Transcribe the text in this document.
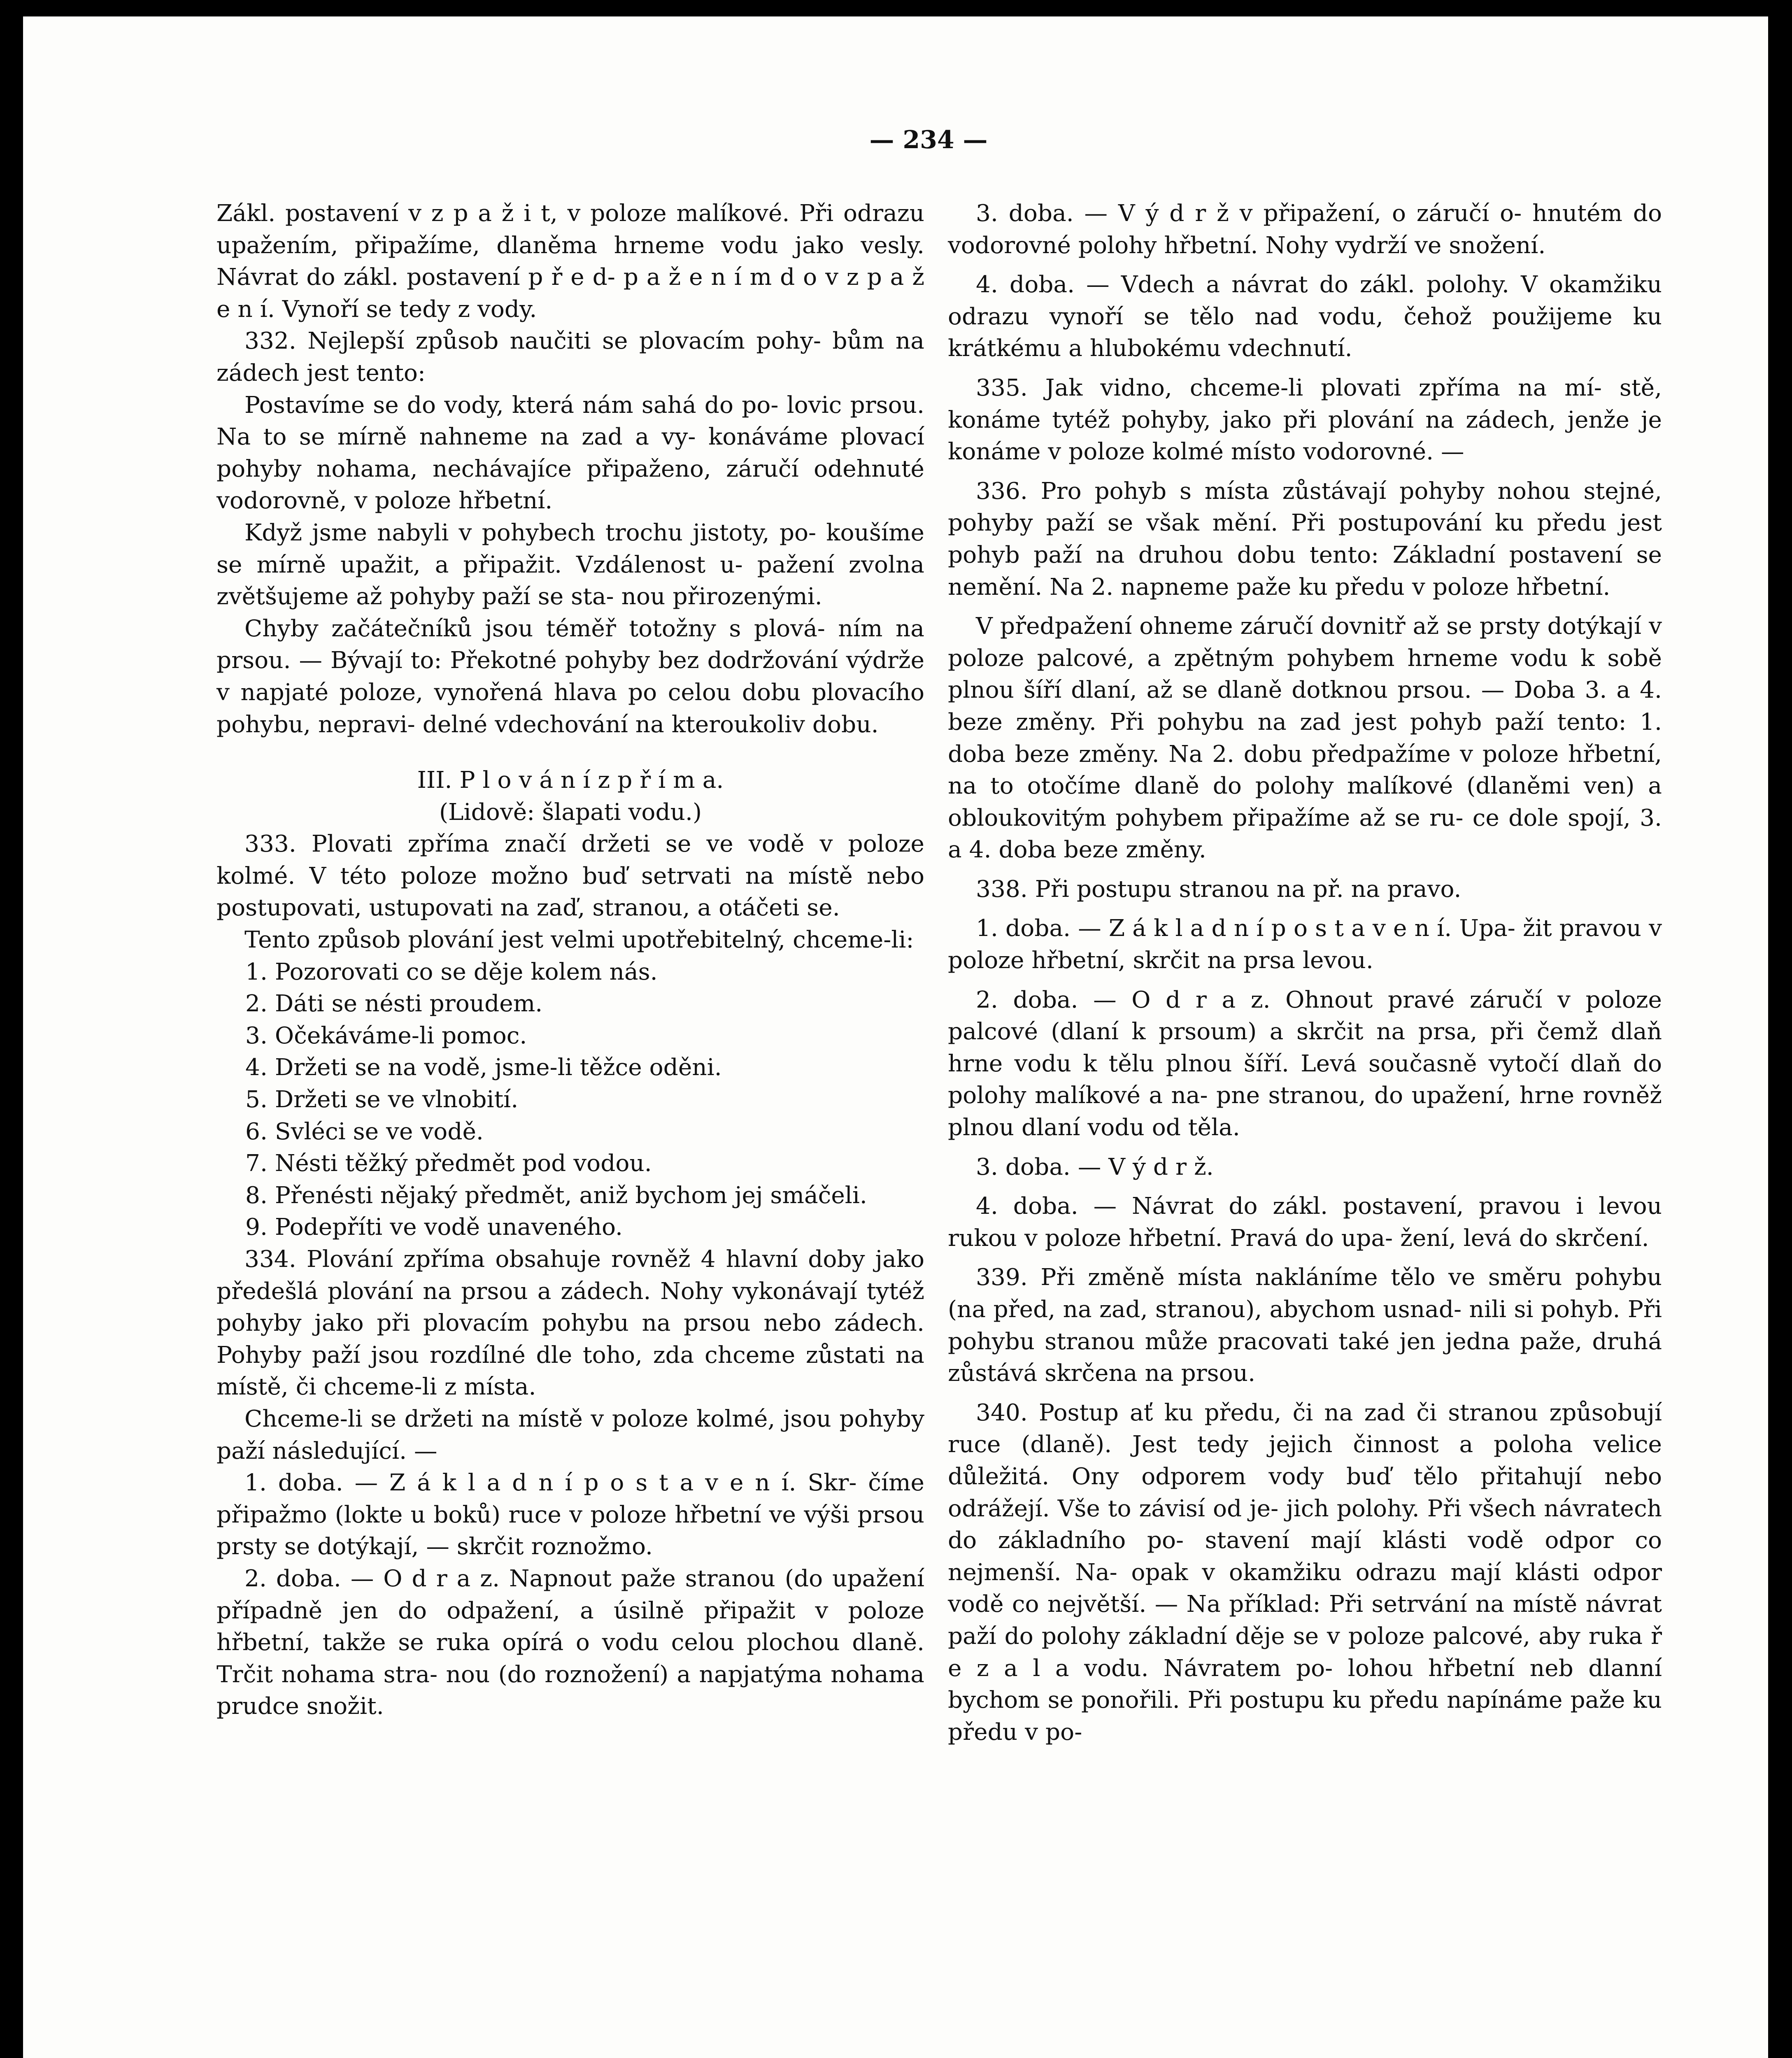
— 234 —

Zákl. postavení v z p a ž i t, v poloze malíkové. Při odrazu upažením, připažíme, dlaněma hrneme vodu jako vesly. Návrat do zákl. postavení p ř e d- p a ž e n í m d o v z p a ž e n í. Vynoří se tedy z vody.

332. Nejlepší způsob naučiti se plovacím pohy- bům na zádech jest tento:

Postavíme se do vody, která nám sahá do po- lovic prsou. Na to se mírně nahneme na zad a vy- konáváme plovací pohyby nohama, nechávajíce připaženo, záručí odehnuté vodorovně, v poloze hřbetní.

Když jsme nabyli v pohybech trochu jistoty, po- koušíme se mírně upažit, a připažit. Vzdálenost u- pažení zvolna zvětšujeme až pohyby paží se sta- nou přirozenými.

Chyby začátečníků jsou téměř totožny s plová- ním na prsou. — Bývají to: Překotné pohyby bez dodržování výdrže v napjaté poloze, vynořená hlava po celou dobu plovacího pohybu, nepravi- delné vdechování na kteroukoliv dobu.

III. P l o v á n í z p ř í m a.
(Lidově: šlapati vodu.)

333. Plovati zpříma značí držeti se ve vodě v poloze kolmé. V této poloze možno buď setrvati na místě nebo postupovati, ustupovati na zaď, stranou, a otáčeti se.

Tento způsob plování jest velmi upotřebitelný, chceme-li:

1. Pozorovati co se děje kolem nás.

2. Dáti se nésti proudem.

3. Očekáváme-li pomoc.

4. Držeti se na vodě, jsme-li těžce oděni.

5. Držeti se ve vlnobití.

6. Svléci se ve vodě.

7. Nésti těžký předmět pod vodou.

8. Přenésti nějaký předmět, aniž bychom jej smáčeli.

9. Podepříti ve vodě unaveného.

334. Plování zpříma obsahuje rovněž 4 hlavní doby jako předešlá plování na prsou a zádech. Nohy vykonávají tytéž pohyby jako při plovacím pohybu na prsou nebo zádech. Pohyby paží jsou rozdílné dle toho, zda chceme zůstati na místě, či chceme-li z místa.

Chceme-li se držeti na místě v poloze kolmé, jsou pohyby paží následující. —

1. doba. — Z á k l a d n í p o s t a v e n í. Skr- číme připažmo (lokte u boků) ruce v poloze hřbetní ve výši prsou prsty se dotýkají, — skrčit roznožmo.

2. doba. — O d r a z. Napnout paže stranou (do upažení případně jen do odpažení, a úsilně připažit v poloze hřbetní, takže se ruka opírá o vodu celou plochou dlaně. Trčit nohama stra- nou (do roznožení) a napjatýma nohama prudce snožit.

3. doba. — V ý d r ž v připažení, o záručí o- hnutém do vodorovné polohy hřbetní. Nohy vydrží ve snožení.

4. doba. — Vdech a návrat do zákl. polohy. V okamžiku odrazu vynoří se tělo nad vodu, čehož použijeme ku krátkému a hlubokému vdechnutí.

335. Jak vidno, chceme-li plovati zpříma na mí- stě, konáme tytéž pohyby, jako při plování na zádech, jenže je konáme v poloze kolmé místo vodorovné. —

336. Pro pohyb s místa zůstávají pohyby nohou stejné, pohyby paží se však mění. Při postupování ku předu jest pohyb paží na druhou dobu tento: Základní postavení se nemění. Na 2. napneme paže ku předu v poloze hřbetní.

V předpažení ohneme záručí dovnitř až se prsty dotýkají v poloze palcové, a zpětným pohybem hrneme vodu k sobě plnou šíří dlaní, až se dlaně dotknou prsou. — Doba 3. a 4. beze změny. Při pohybu na zad jest pohyb paží tento: 1. doba beze změny. Na 2. dobu předpažíme v poloze hřbetní, na to otočíme dlaně do polohy malíkové (dlaněmi ven) a obloukovitým pohybem připažíme až se ru- ce dole spojí, 3. a 4. doba beze změny.

338. Při postupu stranou na př. na pravo.

1. doba. — Z á k l a d n í p o s t a v e n í. Upa- žit pravou v poloze hřbetní, skrčit na prsa levou.

2. doba. — O d r a z. Ohnout pravé záručí v poloze palcové (dlaní k prsoum) a skrčit na prsa, při čemž dlaň hrne vodu k tělu plnou šíří. Levá současně vytočí dlaň do polohy malíkové a na- pne stranou, do upažení, hrne rovněž plnou dlaní vodu od těla.

3. doba. — V ý d r ž.

4. doba. — Návrat do zákl. postavení, pravou i levou rukou v poloze hřbetní. Pravá do upa- žení, levá do skrčení.

339. Při změně místa nakláníme tělo ve směru pohybu (na před, na zad, stranou), abychom usnad- nili si pohyb. Při pohybu stranou může pracovati také jen jedna paže, druhá zůstává skrčena na prsou.

340. Postup ať ku předu, či na zad či stranou způsobují ruce (dlaně). Jest tedy jejich činnost a poloha velice důležitá. Ony odporem vody buď tělo přitahují nebo odrážejí. Vše to závisí od je- jich polohy. Při všech návratech do základního po- stavení mají klásti vodě odpor co nejmenší. Na- opak v okamžiku odrazu mají klásti odpor vodě co největší. — Na příklad: Při setrvání na místě návrat paží do polohy základní děje se v poloze palcové, aby ruka ř e z a l a vodu. Návratem po- lohou hřbetní neb dlanní bychom se ponořili. Při postupu ku předu napínáme paže ku předu v po-
